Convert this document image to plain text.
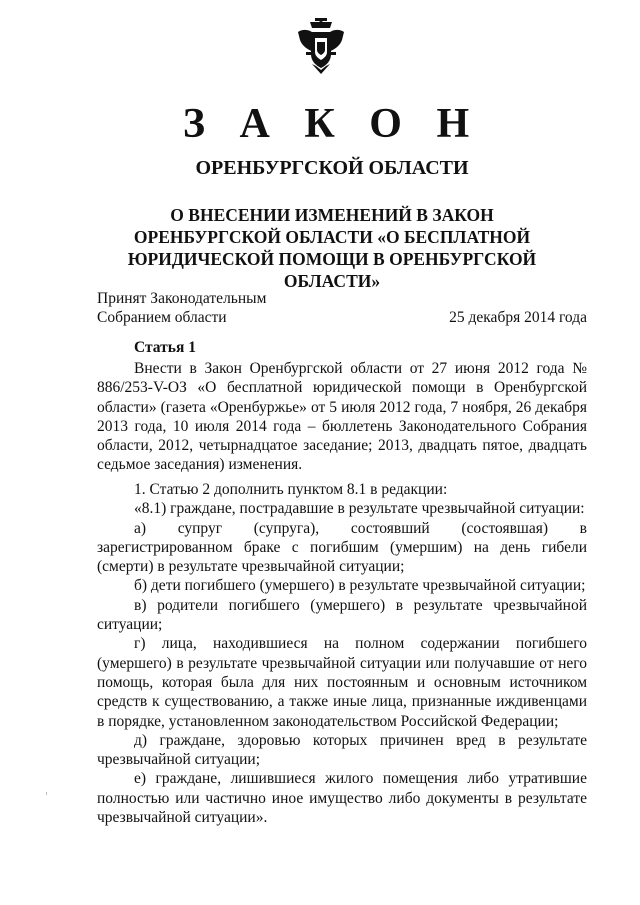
З А К О Н
ОРЕНБУРГСКОЙ ОБЛАСТИ
О ВНЕСЕНИИ ИЗМЕНЕНИЙ В ЗАКОН ОРЕНБУРГСКОЙ ОБЛАСТИ «О БЕСПЛАТНОЙ ЮРИДИЧЕСКОЙ ПОМОЩИ В ОРЕНБУРГСКОЙ ОБЛАСТИ»
Принят Законодательным
Собранием области	25 декабря 2014 года
Статья 1

Внести в Закон Оренбургской области от 27 июня 2012 года № 886/253-V-ОЗ «О бесплатной юридической помощи в Оренбургской области» (газета «Оренбуржье» от 5 июля 2012 года, 7 ноября, 26 декабря 2013 года, 10 июля 2014 года – бюллетень Законодательного Собрания области, 2012, четырнадцатое заседание; 2013, двадцать пятое, двадцать седьмое заседания) изменения.

1. Статью 2 дополнить пунктом 8.1 в редакции:

«8.1) граждане, пострадавшие в результате чрезвычайной ситуации:

а) супруг (супруга), состоявший (состоявшая) в зарегистрированном браке с погибшим (умершим) на день гибели (смерти) в результате чрезвычайной ситуации;

б) дети погибшего (умершего) в результате чрезвычайной ситуации;

в) родители погибшего (умершего) в результате чрезвычайной ситуации;

г) лица, находившиеся на полном содержании погибшего (умершего) в результате чрезвычайной ситуации или получавшие от него помощь, которая была для них постоянным и основным источником средств к существованию, а также иные лица, признанные иждивенцами в порядке, установленном законодательством Российской Федерации;

д) граждане, здоровью которых причинен вред в результате чрезвычайной ситуации;

е) граждане, лишившиеся жилого помещения либо утратившие полностью или частично иное имущество либо документы в результате чрезвычайной ситуации».
